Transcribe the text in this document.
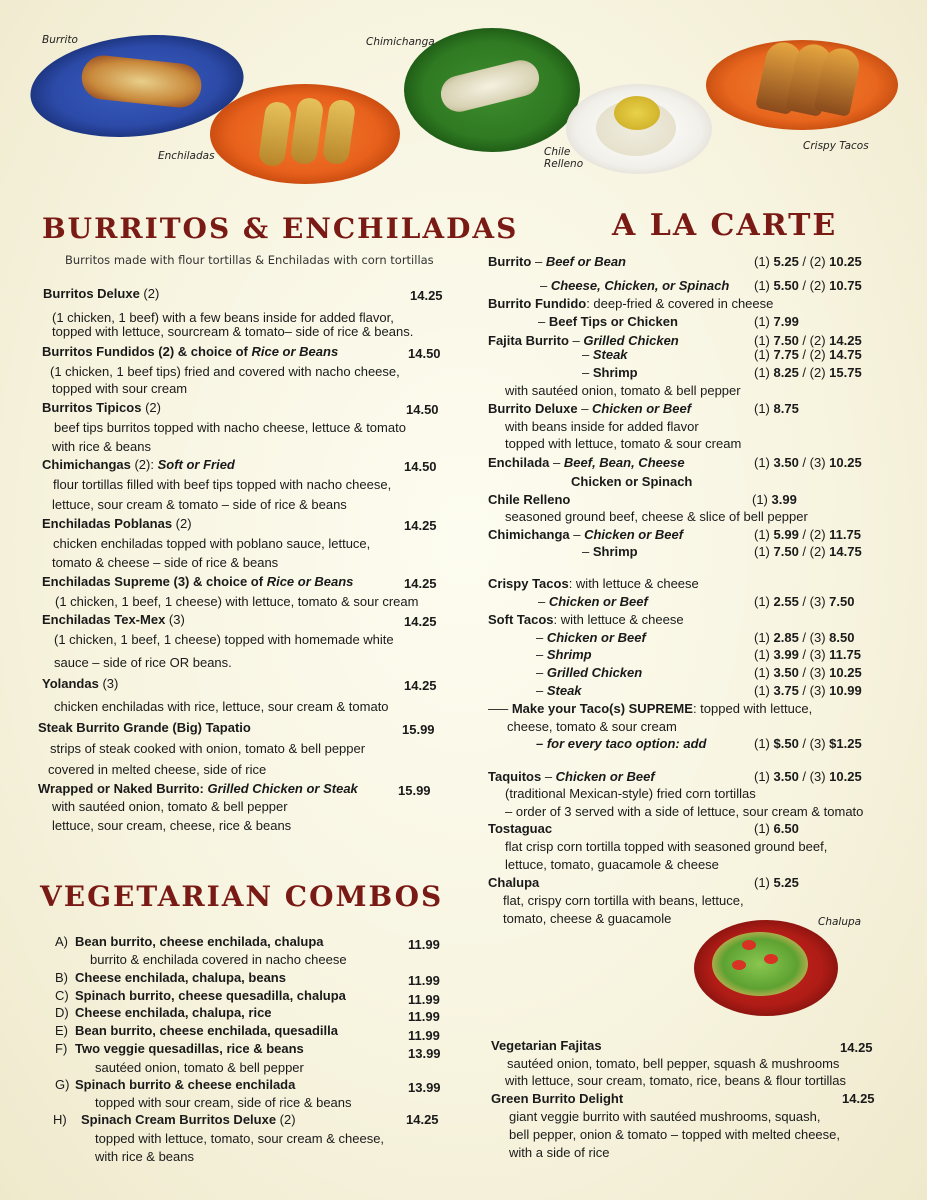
Burrito
Enchiladas
Chimichanga
Chile
Relleno
Crispy Tacos
BURRITOS & ENCHILADAS
Burritos made with flour tortillas & Enchiladas with corn tortillas
Burritos Deluxe (2)	14.25
(1 chicken, 1 beef) with a few beans inside for added flavor,
topped with lettuce, sourcream & tomato– side of rice & beans.
Burritos Fundidos (2) & choice of Rice or Beans	14.50
(1 chicken, 1 beef tips) fried and covered with nacho cheese,
topped with sour cream
Burritos Tipicos (2)	14.50
beef tips burritos topped with nacho cheese, lettuce & tomato
with rice & beans
Chimichangas (2): Soft or Fried	14.50
flour tortillas filled with beef tips topped with nacho cheese,
lettuce, sour cream & tomato – side of rice & beans
Enchiladas Poblanas (2)	14.25
chicken enchiladas topped with poblano sauce, lettuce,
tomato & cheese – side of rice & beans
Enchiladas Supreme (3) & choice of Rice or Beans	14.25
(1 chicken, 1 beef, 1 cheese) with lettuce, tomato & sour cream
Enchiladas Tex-Mex (3)	14.25
(1 chicken, 1 beef, 1 cheese) topped with homemade white
sauce – side of rice OR beans.
Yolandas (3)	14.25
chicken enchiladas with rice, lettuce, sour cream & tomato
Steak Burrito Grande (Big) Tapatio	15.99
strips of steak cooked with onion, tomato & bell pepper
covered in melted cheese, side of rice
Wrapped or Naked Burrito: Grilled Chicken or Steak	15.99
with sautéed onion, tomato & bell pepper
lettuce, sour cream, cheese, rice & beans
VEGETARIAN COMBOS
A) Bean burrito, cheese enchilada, chalupa	11.99
burrito & enchilada covered in nacho cheese
B) Cheese enchilada, chalupa, beans	11.99
C) Spinach burrito, cheese quesadilla, chalupa	11.99
D) Cheese enchilada, chalupa, rice	11.99
E) Bean burrito, cheese enchilada, quesadilla	11.99
F) Two veggie quesadillas, rice & beans	13.99
sautéed onion, tomato & bell pepper
G) Spinach burrito & cheese enchilada	13.99
topped with sour cream, side of rice & beans
H) Spinach Cream Burritos Deluxe (2)	14.25
topped with lettuce, tomato, sour cream & cheese,
with rice & beans
A LA CARTE
Burrito – Beef or Bean	(1) 5.25 / (2) 10.25
– Cheese, Chicken, or Spinach (1) 5.50 / (2) 10.75
Burrito Fundido: deep-fried & covered in cheese
– Beef Tips or Chicken	(1) 7.99
Fajita Burrito – Grilled Chicken	(1) 7.50 / (2) 14.25
– Steak	(1) 7.75 / (2) 14.75
– Shrimp	(1) 8.25 / (2) 15.75
with sautéed onion, tomato & bell pepper
Burrito Deluxe – Chicken or Beef	(1) 8.75
with beans inside for added flavor
topped with lettuce, tomato & sour cream
Enchilada – Beef, Bean, Cheese	(1) 3.50 / (3) 10.25
Chicken or Spinach
Chile Relleno	(1) 3.99
seasoned ground beef, cheese & slice of bell pepper
Chimichanga – Chicken or Beef	(1) 5.99 / (2) 11.75
– Shrimp	(1) 7.50 / (2) 14.75
Crispy Tacos: with lettuce & cheese
– Chicken or Beef	(1) 2.55 / (3) 7.50
Soft Tacos: with lettuce & cheese
– Chicken or Beef	(1) 2.85 / (3) 8.50
– Shrimp	(1) 3.99 / (3) 11.75
– Grilled Chicken	(1) 3.50 / (3) 10.25
– Steak	(1) 3.75 / (3) 10.99
—– Make your Taco(s) SUPREME: topped with lettuce,
cheese, tomato & sour cream
– for every taco option: add	(1) $.50 / (3) $1.25
Taquitos – Chicken or Beef	(1) 3.50 / (3) 10.25
(traditional Mexican-style) fried corn tortillas
– order of 3 served with a side of lettuce, sour cream & tomato
Tostaguac	(1) 6.50
flat crisp corn tortilla topped with seasoned ground beef,
lettuce, tomato, guacamole & cheese
Chalupa	(1) 5.25
flat, crispy corn tortilla with beans, lettuce,
tomato, cheese & guacamole	Chalupa
Vegetarian Fajitas	14.25
sautéed onion, tomato, bell pepper, squash & mushrooms
with lettuce, sour cream, tomato, rice, beans & flour tortillas
Green Burrito Delight	14.25
giant veggie burrito with sautéed mushrooms, squash,
bell pepper, onion & tomato – topped with melted cheese,
with a side of rice
